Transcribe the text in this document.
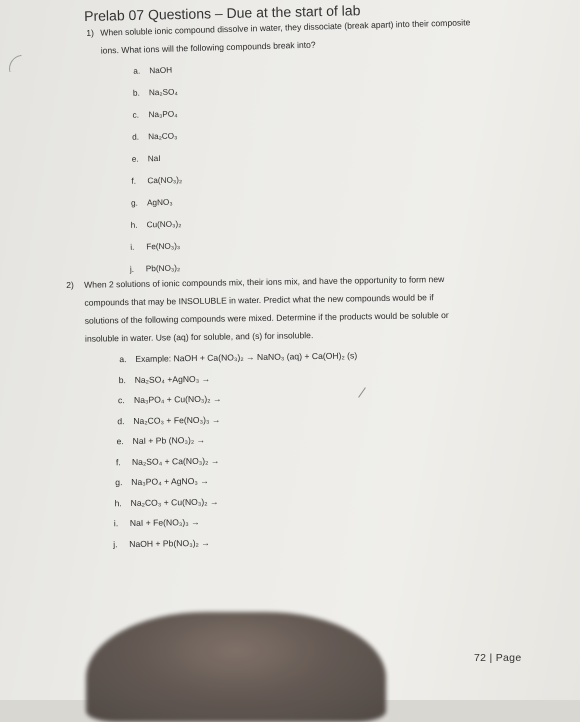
Prelab 07 Questions – Due at the start of lab
1) When soluble ionic compound dissolve in water, they dissociate (break apart) into their composite
ions. What ions will the following compounds break into?
a. NaOH
b. Na₂SO₄
c. Na₃PO₄
d. Na₂CO₃
e. NaI
f. Ca(NO₃)₂
g. AgNO₃
h. Cu(NO₃)₂
i. Fe(NO₃)₃
j. Pb(NO₃)₂
2) When 2 solutions of ionic compounds mix, their ions mix, and have the opportunity to form new
compounds that may be INSOLUBLE in water. Predict what the new compounds would be if
solutions of the following compounds were mixed. Determine if the products would be soluble or
insoluble in water. Use (aq) for soluble, and (s) for insoluble.
a. Example: NaOH + Ca(NO₃)₂ → NaNO₃ (aq) + Ca(OH)₂ (s)
b. Na₂SO₄ +AgNO₃ →
c. Na₃PO₄ + Cu(NO₃)₂ →
d. Na₂CO₃ + Fe(NO₃)₃ →
e. NaI + Pb (NO₃)₂ →
f. Na₂SO₄ + Ca(NO₃)₂ →
g. Na₃PO₄ + AgNO₃ →
h. Na₂CO₃ + Cu(NO₃)₂ →
i. NaI + Fe(NO₃)₃ →
j. NaOH + Pb(NO₃)₂ →
72 | Page
